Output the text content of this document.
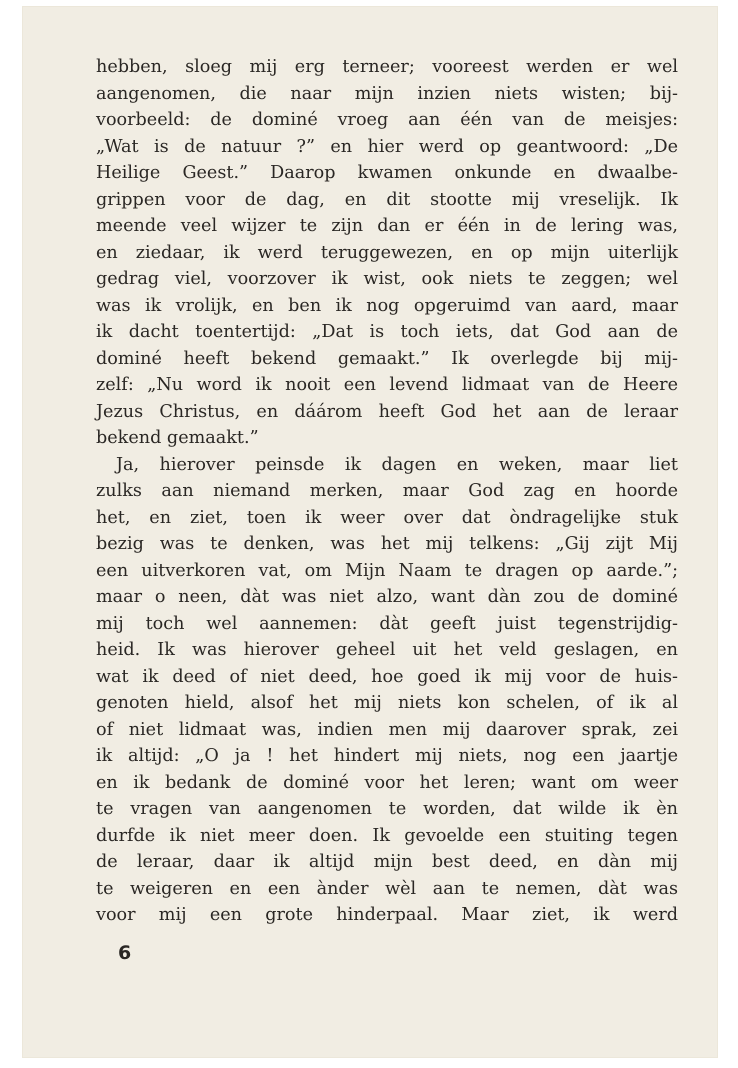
hebben, sloeg mij erg terneer; vooreest werden er wel
aangenomen, die naar mijn inzien niets wisten; bij-
voorbeeld: de dominé vroeg aan één van de meisjes:
„Wat is de natuur ?” en hier werd op geantwoord: „De
Heilige Geest.” Daarop kwamen onkunde en dwaalbe-
grippen voor de dag, en dit stootte mij vreselijk. Ik
meende veel wijzer te zijn dan er één in de lering was,
en ziedaar, ik werd teruggewezen, en op mijn uiterlijk
gedrag viel, voorzover ik wist, ook niets te zeggen; wel
was ik vrolijk, en ben ik nog opgeruimd van aard, maar
ik dacht toentertijd: „Dat is toch iets, dat God aan de
dominé heeft bekend gemaakt.” Ik overlegde bij mij-
zelf: „Nu word ik nooit een levend lidmaat van de Heere
Jezus Christus, en dáárom heeft God het aan de leraar
bekend gemaakt.”
Ja, hierover peinsde ik dagen en weken, maar liet
zulks aan niemand merken, maar God zag en hoorde
het, en ziet, toen ik weer over dat òndragelijke stuk
bezig was te denken, was het mij telkens: „Gij zijt Mij
een uitverkoren vat, om Mijn Naam te dragen op aarde.”;
maar o neen, dàt was niet alzo, want dàn zou de dominé
mij toch wel aannemen: dàt geeft juist tegenstrijdig-
heid. Ik was hierover geheel uit het veld geslagen, en
wat ik deed of niet deed, hoe goed ik mij voor de huis-
genoten hield, alsof het mij niets kon schelen, of ik al
of niet lidmaat was, indien men mij daarover sprak, zei
ik altijd: „O ja ! het hindert mij niets, nog een jaartje
en ik bedank de dominé voor het leren; want om weer
te vragen van aangenomen te worden, dat wilde ik èn
durfde ik niet meer doen. Ik gevoelde een stuiting tegen
de leraar, daar ik altijd mijn best deed, en dàn mij
te weigeren en een ànder wèl aan te nemen, dàt was
voor mij een grote hinderpaal. Maar ziet, ik werd
6
